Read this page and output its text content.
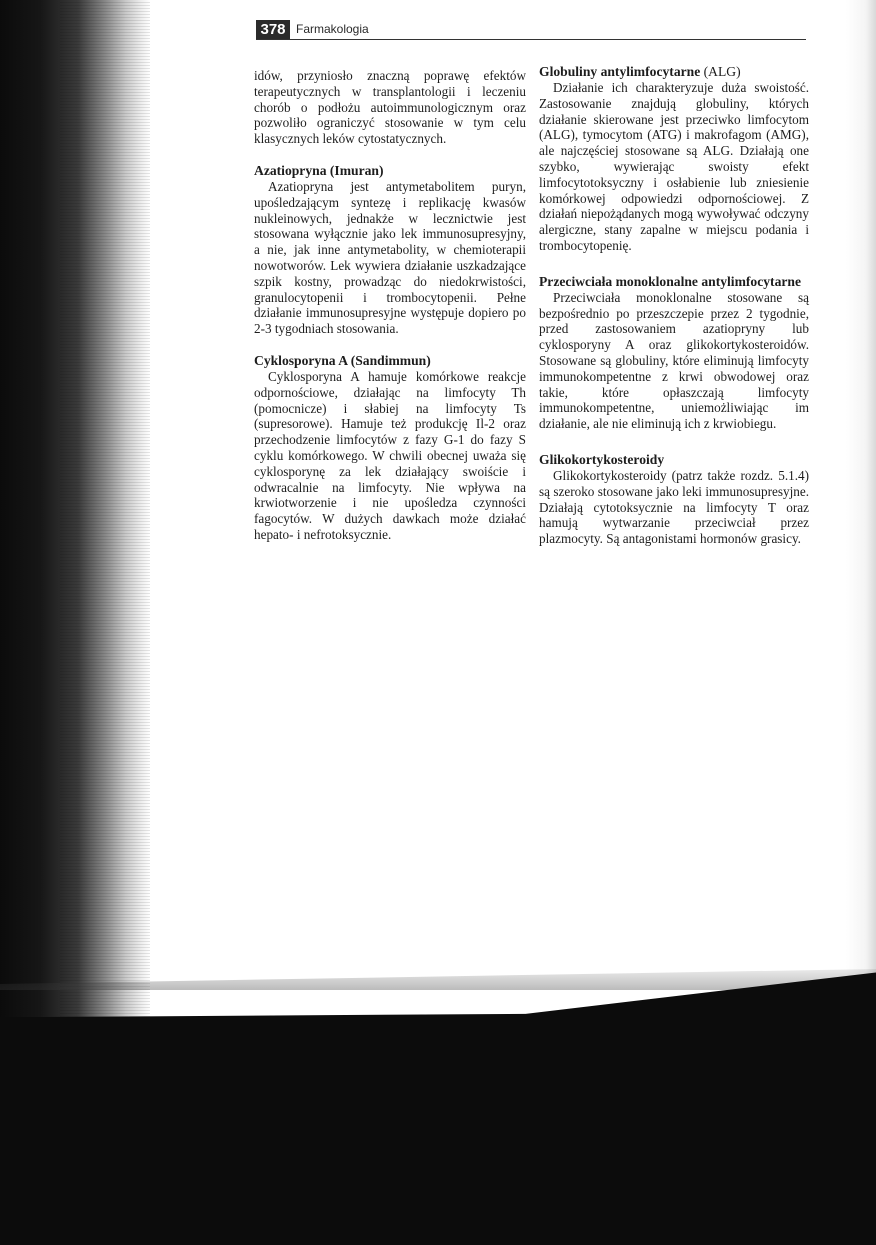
378 Farmakologia

idów, przyniosło znaczną poprawę efektów terapeutycznych w transplantologii i leczeniu chorób o podłożu autoimmunologicznym oraz pozwoliło ograniczyć stosowanie w tym celu klasycznych leków cytostatycznych.

Azatiopryna (Imuran)

Azatiopryna jest antymetabolitem puryn, upośledzającym syntezę i replikację kwasów nukleinowych, jednakże w lecznictwie jest stosowana wyłącznie jako lek immunosupresyjny, a nie, jak inne antymetabolity, w chemioterapii nowotworów. Lek wywiera działanie uszkadzające szpik kostny, prowadząc do niedokrwistości, granulocytopenii i trombocytopenii. Pełne działanie immunosupresyjne występuje dopiero po 2-3 tygodniach stosowania.

Cyklosporyna A (Sandimmun)

Cyklosporyna A hamuje komórkowe reakcje odpornościowe, działając na limfocyty Th (pomocnicze) i słabiej na limfocyty Ts (supresorowe). Hamuje też produkcję Il-2 oraz przechodzenie limfocytów z fazy G-1 do fazy S cyklu komórkowego. W chwili obecnej uważa się cyklosporynę za lek działający swoiście i odwracalnie na limfocyty. Nie wpływa na krwiotworzenie i nie upośledza czynności fagocytów. W dużych dawkach może działać hepato- i nefrotoksycznie.

Globuliny antylimfocytarne (ALG)

Działanie ich charakteryzuje duża swoistość. Zastosowanie znajdują globuliny, których działanie skierowane jest przeciwko limfocytom (ALG), tymocytom (ATG) i makrofagom (AMG), ale najczęściej stosowane są ALG. Działają one szybko, wywierając swoisty efekt limfocytotoksyczny i osłabienie lub zniesienie komórkowej odpowiedzi odpornościowej. Z działań niepożądanych mogą wywoływać odczyny alergiczne, stany zapalne w miejscu podania i trombocytopenię.

Przeciwciała monoklonalne antylimfocytarne

Przeciwciała monoklonalne stosowane są bezpośrednio po przeszczepie przez 2 tygodnie, przed zastosowaniem azatiopryny lub cyklosporyny A oraz glikokortykosteroidów. Stosowane są globuliny, które eliminują limfocyty immunokompetentne z krwi obwodowej oraz takie, które opłaszczają limfocyty immunokompetentne, uniemożliwiając im działanie, ale nie eliminują ich z krwiobiegu.

Glikokortykosteroidy

Glikokortykosteroidy (patrz także rozdz. 5.1.4) są szeroko stosowane jako leki immunosupresyjne. Działają cytotoksycznie na limfocyty T oraz hamują wytwarzanie przeciwciał przez plazmocyty. Są antagonistami hormonów grasicy.
